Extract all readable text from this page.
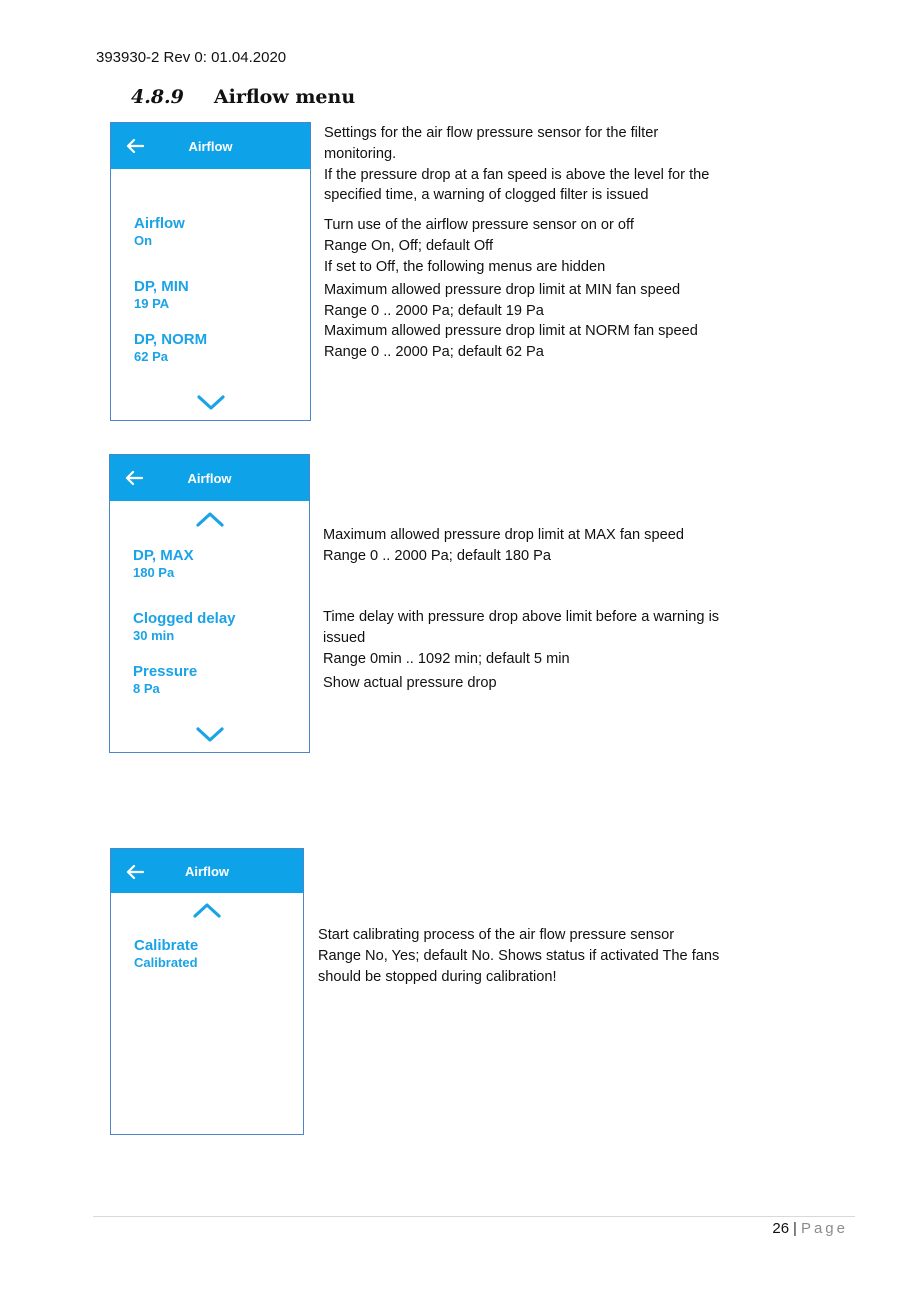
393930-2 Rev 0: 01.04.2020
4.8.9 Airflow menu
Airflow
Airflow
On
DP, MIN
19 PA
DP, NORM
62 Pa
Airflow
DP, MAX
180 Pa
Clogged delay
30 min
Pressure
8 Pa
Airflow
Calibrate
Calibrated

Settings for the air flow pressure sensor for the filter

monitoring.

If the pressure drop at a fan speed is above the level for the

specified time, a warning of clogged filter is issued

Turn use of the airflow pressure sensor on or off

Range On, Off; default Off

If set to Off, the following menus are hidden

Maximum allowed pressure drop limit at MIN fan speed

Range 0 .. 2000 Pa; default 19 Pa

Maximum allowed pressure drop limit at NORM fan speed

Range 0 .. 2000 Pa; default 62 Pa

Maximum allowed pressure drop limit at MAX fan speed

Range 0 .. 2000 Pa; default 180 Pa

Time delay with pressure drop above limit before a warning is

issued

Range 0min .. 1092 min; default 5 min

Show actual pressure drop

Start calibrating process of the air flow pressure sensor

Range No, Yes; default No. Shows status if activated The fans

should be stopped during calibration!

26 | Page
